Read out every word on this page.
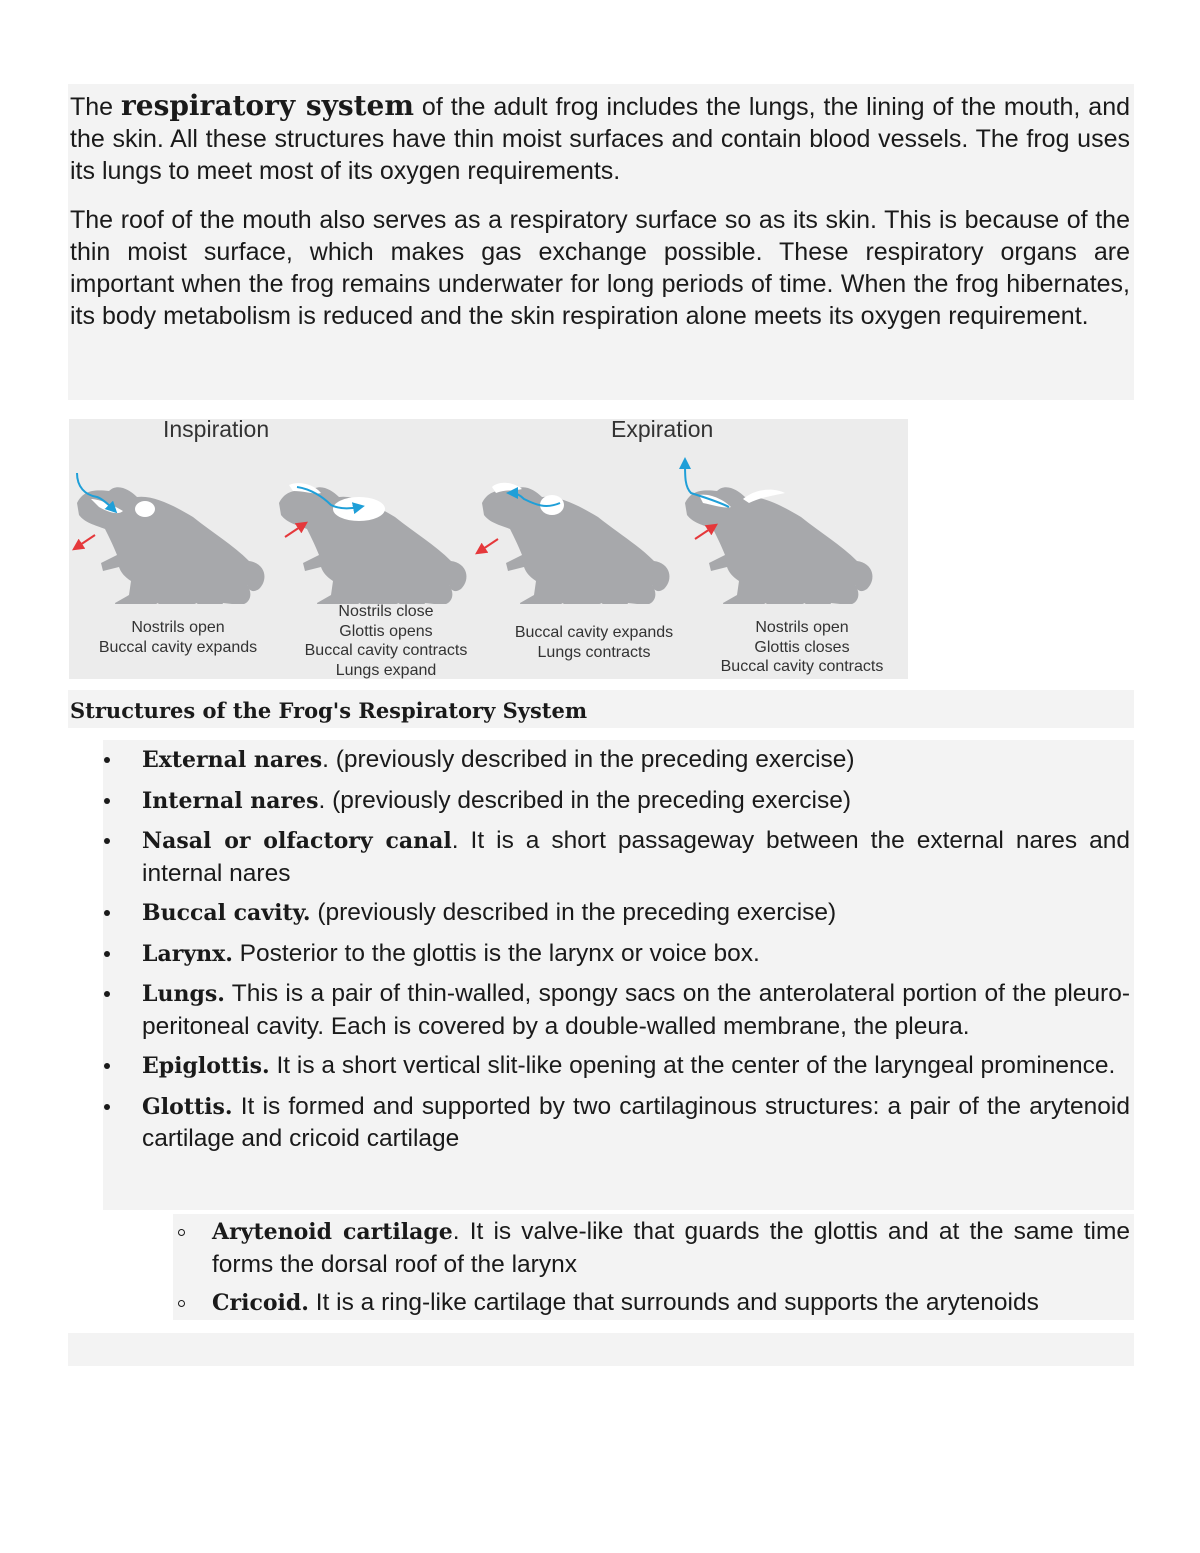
The respiratory system of the adult frog includes the lungs, the lining of the mouth, and the skin. All these structures have thin moist surfaces and contain blood vessels. The frog uses its lungs to meet most of its oxygen requirements.

The roof of the mouth also serves as a respiratory surface so as its skin. This is because of the thin moist surface, which makes gas exchange possible. These respiratory organs are important when the frog remains underwater for long periods of time. When the frog hibernates, its body metabolism is reduced and the skin respiration alone meets its oxygen requirement.

Inspiration	Expiration
Nostrils open
Buccal cavity expands
Nostrils close
Glottis opens
Buccal cavity contracts
Lungs expand
Buccal cavity expands
Lungs contracts
Nostrils open
Glottis closes
Buccal cavity contracts
Structures of the Frog's Respiratory System
External nares. (previously described in the preceding exercise)
Internal nares. (previously described in the preceding exercise)
Nasal or olfactory canal. It is a short passageway between the external nares and internal nares
Buccal cavity. (previously described in the preceding exercise)
Larynx. Posterior to the glottis is the larynx or voice box.
Lungs. This is a pair of thin-walled, spongy sacs on the anterolateral portion of the pleuro-peritoneal cavity. Each is covered by a double-walled membrane, the pleura.
Epiglottis. It is a short vertical slit-like opening at the center of the laryngeal prominence.
Glottis. It is formed and supported by two cartilaginous structures: a pair of the arytenoid cartilage and cricoid cartilage
Arytenoid cartilage. It is valve-like that guards the glottis and at the same time forms the dorsal roof of the larynx
Cricoid. It is a ring-like cartilage that surrounds and supports the arytenoids
